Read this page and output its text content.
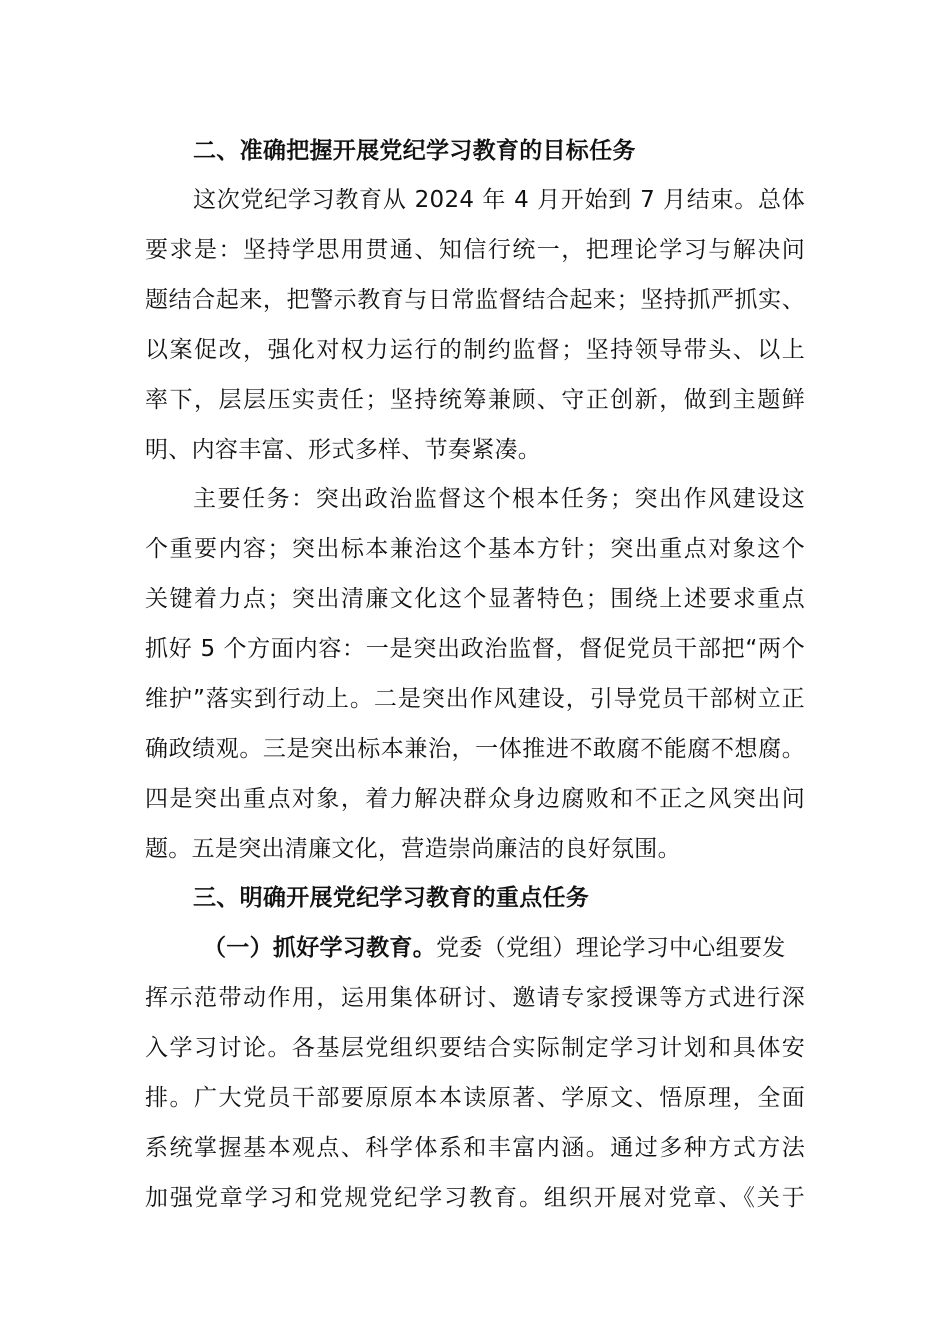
二、准确把握开展党纪学习教育的目标任务
这次党纪学习教育从 2024 年 4 月开始到 7 月结束。总体
要求是：坚持学思用贯通、知信行统一，把理论学习与解决问
题结合起来，把警示教育与日常监督结合起来；坚持抓严抓实、
以案促改，强化对权力运行的制约监督；坚持领导带头、以上
率下，层层压实责任；坚持统筹兼顾、守正创新，做到主题鲜
明、内容丰富、形式多样、节奏紧凑。
主要任务：突出政治监督这个根本任务；突出作风建设这
个重要内容；突出标本兼治这个基本方针；突出重点对象这个
关键着力点；突出清廉文化这个显著特色；围绕上述要求重点
抓好 5 个方面内容：一是突出政治监督，督促党员干部把“两个
维护”落实到行动上。二是突出作风建设，引导党员干部树立正
确政绩观。三是突出标本兼治，一体推进不敢腐不能腐不想腐。
四是突出重点对象，着力解决群众身边腐败和不正之风突出问
题。五是突出清廉文化，营造崇尚廉洁的良好氛围。
三、明确开展党纪学习教育的重点任务
（一）抓好学习教育。党委（党组）理论学习中心组要发
挥示范带动作用，运用集体研讨、邀请专家授课等方式进行深
入学习讨论。各基层党组织要结合实际制定学习计划和具体安
排。广大党员干部要原原本本读原著、学原文、悟原理，全面
系统掌握基本观点、科学体系和丰富内涵。通过多种方式方法
加强党章学习和党规党纪学习教育。组织开展对党章、《关于
